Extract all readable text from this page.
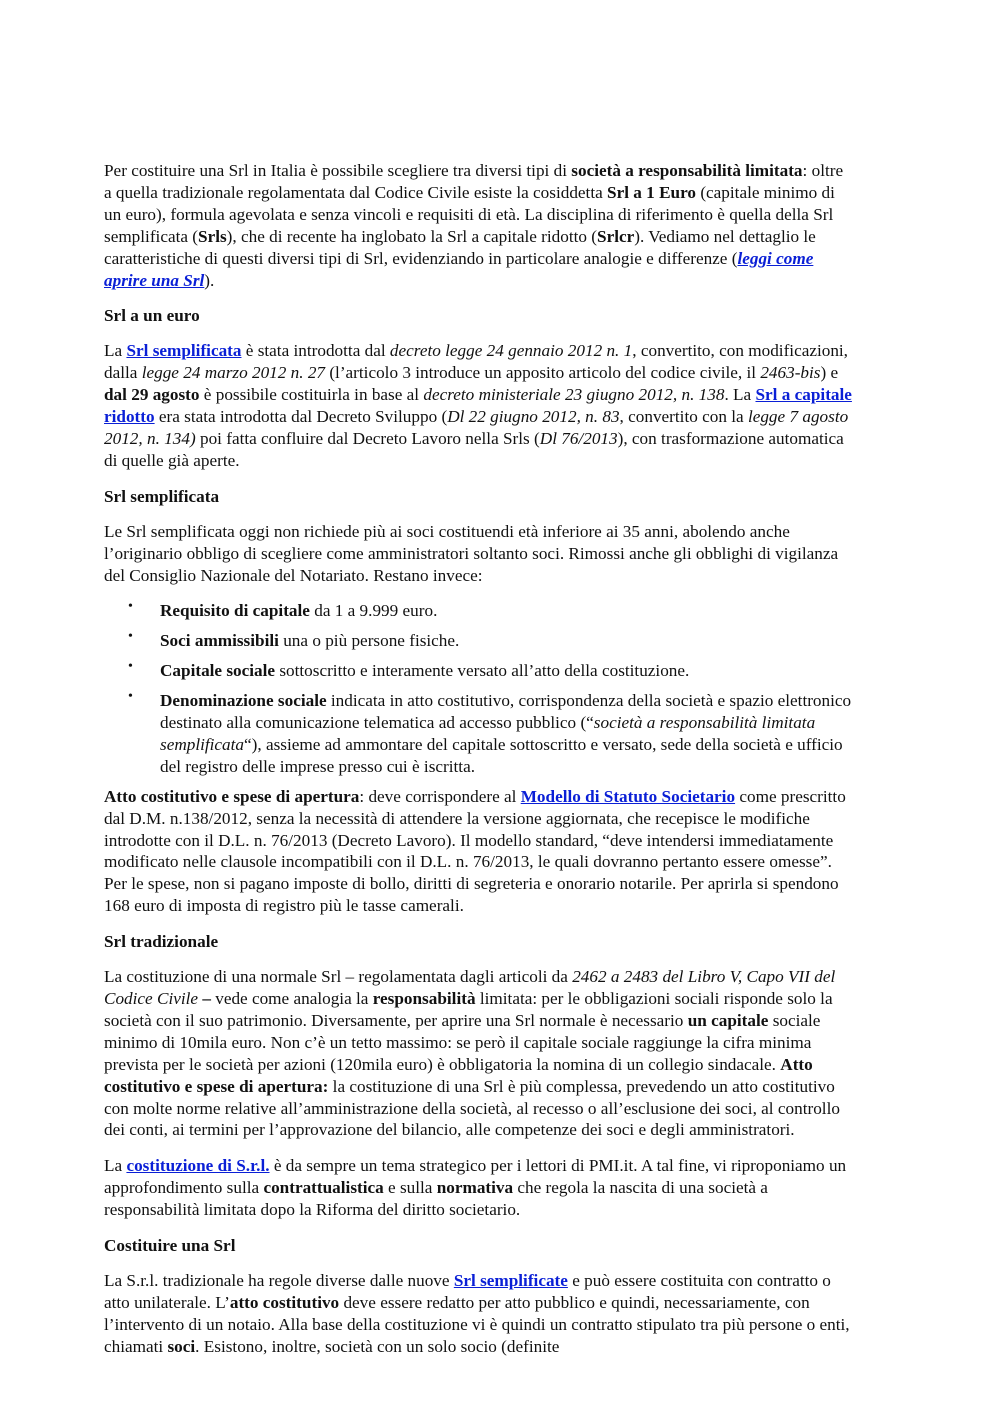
Per costituire una Srl in Italia è possibile scegliere tra diversi tipi di società a responsabilità limitata: oltre a quella tradizionale regolamentata dal Codice Civile esiste la cosiddetta Srl a 1 Euro (capitale minimo di un euro), formula agevolata e senza vincoli e requisiti di età. La disciplina di riferimento è quella della Srl semplificata (Srls), che di recente ha inglobato la Srl a capitale ridotto (Srlcr). Vediamo nel dettaglio le caratteristiche di questi diversi tipi di Srl, evidenziando in particolare analogie e differenze (leggi come aprire una Srl).

Srl a un euro

La Srl semplificata è stata introdotta dal decreto legge 24 gennaio 2012 n. 1, convertito, con modificazioni, dalla legge 24 marzo 2012 n. 27 (l’articolo 3 introduce un apposito articolo del codice civile, il 2463-bis) e dal 29 agosto è possibile costituirla in base al decreto ministeriale 23 giugno 2012, n. 138. La Srl a capitale ridotto era stata introdotta dal Decreto Sviluppo (Dl 22 giugno 2012, n. 83, convertito con la legge 7 agosto 2012, n. 134) poi fatta confluire dal Decreto Lavoro nella Srls (Dl 76/2013), con trasformazione automatica di quelle già aperte.

Srl semplificata

Le Srl semplificata oggi non richiede più ai soci costituendi età inferiore ai 35 anni, abolendo anche l’originario obbligo di scegliere come amministratori soltanto soci. Rimossi anche gli obblighi di vigilanza del Consiglio Nazionale del Notariato. Restano invece:

• Requisito di capitale da 1 a 9.999 euro.
• Soci ammissibili una o più persone fisiche.
• Capitale sociale sottoscritto e interamente versato all’atto della costituzione.
• Denominazione sociale indicata in atto costitutivo, corrispondenza della società e spazio elettronico destinato alla comunicazione telematica ad accesso pubblico (“società a responsabilità limitata semplificata“), assieme ad ammontare del capitale sottoscritto e versato, sede della società e ufficio del registro delle imprese presso cui è iscritta.

Atto costitutivo e spese di apertura: deve corrispondere al Modello di Statuto Societario come prescritto dal D.M. n.138/2012, senza la necessità di attendere la versione aggiornata, che recepisce le modifiche introdotte con il D.L. n. 76/2013 (Decreto Lavoro). Il modello standard, “deve intendersi immediatamente modificato nelle clausole incompatibili con il D.L. n. 76/2013, le quali dovranno pertanto essere omesse”. Per le spese, non si pagano imposte di bollo, diritti di segreteria e onorario notarile. Per aprirla si spendono 168 euro di imposta di registro più le tasse camerali.

Srl tradizionale

La costituzione di una normale Srl – regolamentata dagli articoli da 2462 a 2483 del Libro V, Capo VII del Codice Civile – vede come analogia la responsabilità limitata: per le obbligazioni sociali risponde solo la società con il suo patrimonio. Diversamente, per aprire una Srl normale è necessario un capitale sociale minimo di 10mila euro. Non c’è un tetto massimo: se però il capitale sociale raggiunge la cifra minima prevista per le società per azioni (120mila euro) è obbligatoria la nomina di un collegio sindacale. Atto costitutivo e spese di apertura: la costituzione di una Srl è più complessa, prevedendo un atto costitutivo con molte norme relative all’amministrazione della società, al recesso o all’esclusione dei soci, al controllo dei conti, ai termini per l’approvazione del bilancio, alle competenze dei soci e degli amministratori.

La costituzione di S.r.l. è da sempre un tema strategico per i lettori di PMI.it. A tal fine, vi riproponiamo un approfondimento sulla contrattualistica e sulla normativa che regola la nascita di una società a responsabilità limitata dopo la Riforma del diritto societario.

Costituire una Srl

La S.r.l. tradizionale ha regole diverse dalle nuove Srl semplificate e può essere costituita con contratto o atto unilaterale. L’atto costitutivo deve essere redatto per atto pubblico e quindi, necessariamente, con l’intervento di un notaio. Alla base della costituzione vi è quindi un contratto stipulato tra più persone o enti, chiamati soci. Esistono, inoltre, società con un solo socio (definite
